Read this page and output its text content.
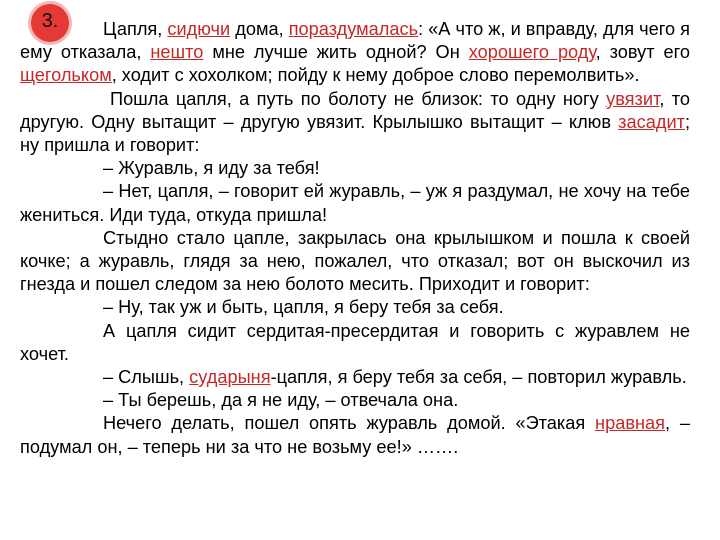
3.	Цапля, сидючи дома, пораздумалась: «А что ж, и вправду, для чего я ему отказала, нешто мне лучше жить одной? Он хорошего роду, зовут его щегольком, ходит с хохолком; пойду к нему доброе слово перемолвить».

Пошла цапля, а путь по болоту не близок: то одну ногу увязит, то другую. Одну вытащит – другую увязит. Крылышко вытащит – клюв засадит; ну пришла и говорит:

– Журавль, я иду за тебя!

– Нет, цапля, – говорит ей журавль, – уж я раздумал, не хочу на тебе жениться. Иди туда, откуда пришла!

Стыдно стало цапле, закрылась она крылышком и пошла к своей кочке; а журавль, глядя за нею, пожалел, что отказал; вот он выскочил из гнезда и пошел следом за нею болото месить. Приходит и говорит:

– Ну, так уж и быть, цапля, я беру тебя за себя.

А цапля сидит сердитая-пресердитая и говорить с журавлем не хочет.

– Слышь, сударыня-цапля, я беру тебя за себя, – повторил журавль.

– Ты берешь, да я не иду, – отвечала она.

Нечего делать, пошел опять журавль домой. «Этакая нравная, – подумал он, – теперь ни за что не возьму ее!» …….
